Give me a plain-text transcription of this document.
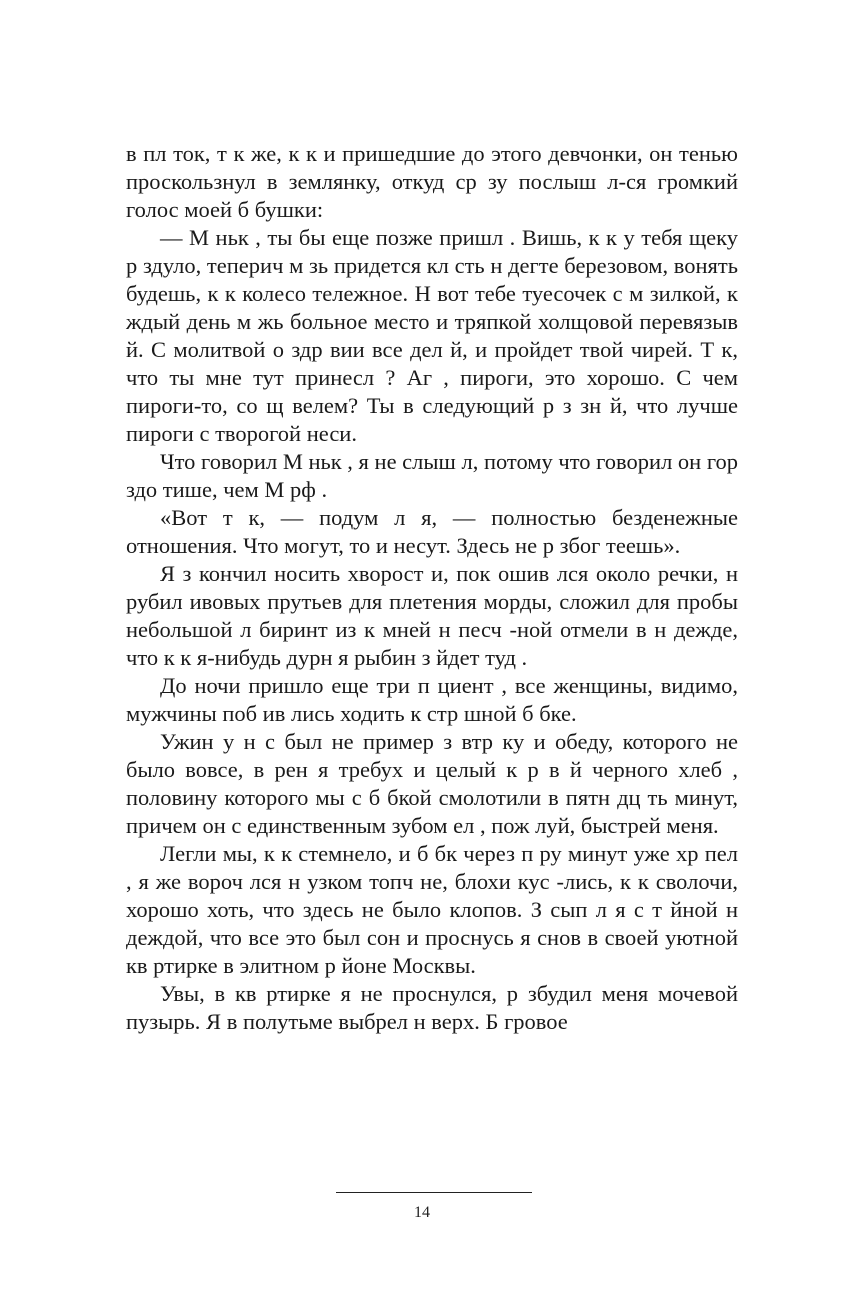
в пл ток, т к же, к к и пришедшие до этого девчонки, он тенью проскользнул в землянку, откуд ср зу послыш л-ся громкий голос моей б бушки:

— М ньк , ты бы еще позже пришл . Вишь, к к у тебя щеку р здуло, теперич м зь придется кл сть н дегте березовом, вонять будешь, к к колесо тележное. Н вот тебе туесочек с м зилкой, к ждый день м жь больное место и тряпкой холщовой перевязыв й. С молитвой о здр вии все дел й, и пройдет твой чирей. Т к, что ты мне тут принесл ? Аг , пироги, это хорошо. С чем пироги-то, со щ велем? Ты в следующий р з зн й, что лучше пироги с творогой неси.

Что говорил М ньк , я не слыш л, потому что говорил он гор здо тише, чем М рф .

«Вот т к, — подум л я, — полностью безденежные отношения. Что могут, то и несут. Здесь не р због теешь».

Я з кончил носить хворост и, пок ошив лся около речки, н рубил ивовых прутьев для плетения морды, сложил для пробы небольшой л биринт из к мней н песч -ной отмели в н дежде, что к к я-нибудь дурн я рыбин з йдет туд .

До ночи пришло еще три п циент , все женщины, видимо, мужчины поб ив лись ходить к стр шной б бке.

Ужин у н с был не пример з втр ку и обеду, которого не было вовсе, в рен я требух и целый к р в й черного хлеб , половину которого мы с б бкой смолотили в пятн дц ть минут, причем он с единственным зубом ел , пож луй, быстрей меня.

Легли мы, к к стемнело, и б бк через п ру минут уже хр пел , я же вороч лся н узком топч не, блохи кус -лись, к к сволочи, хорошо хоть, что здесь не было клопов. З сып л я с т йной н деждой, что все это был сон и проснусь я снов в своей уютной кв ртирке в элитном р йоне Москвы.

Увы, в кв ртирке я не проснулся, р збудил меня мочевой пузырь. Я в полутьме выбрел н верх. Б гровое

14
